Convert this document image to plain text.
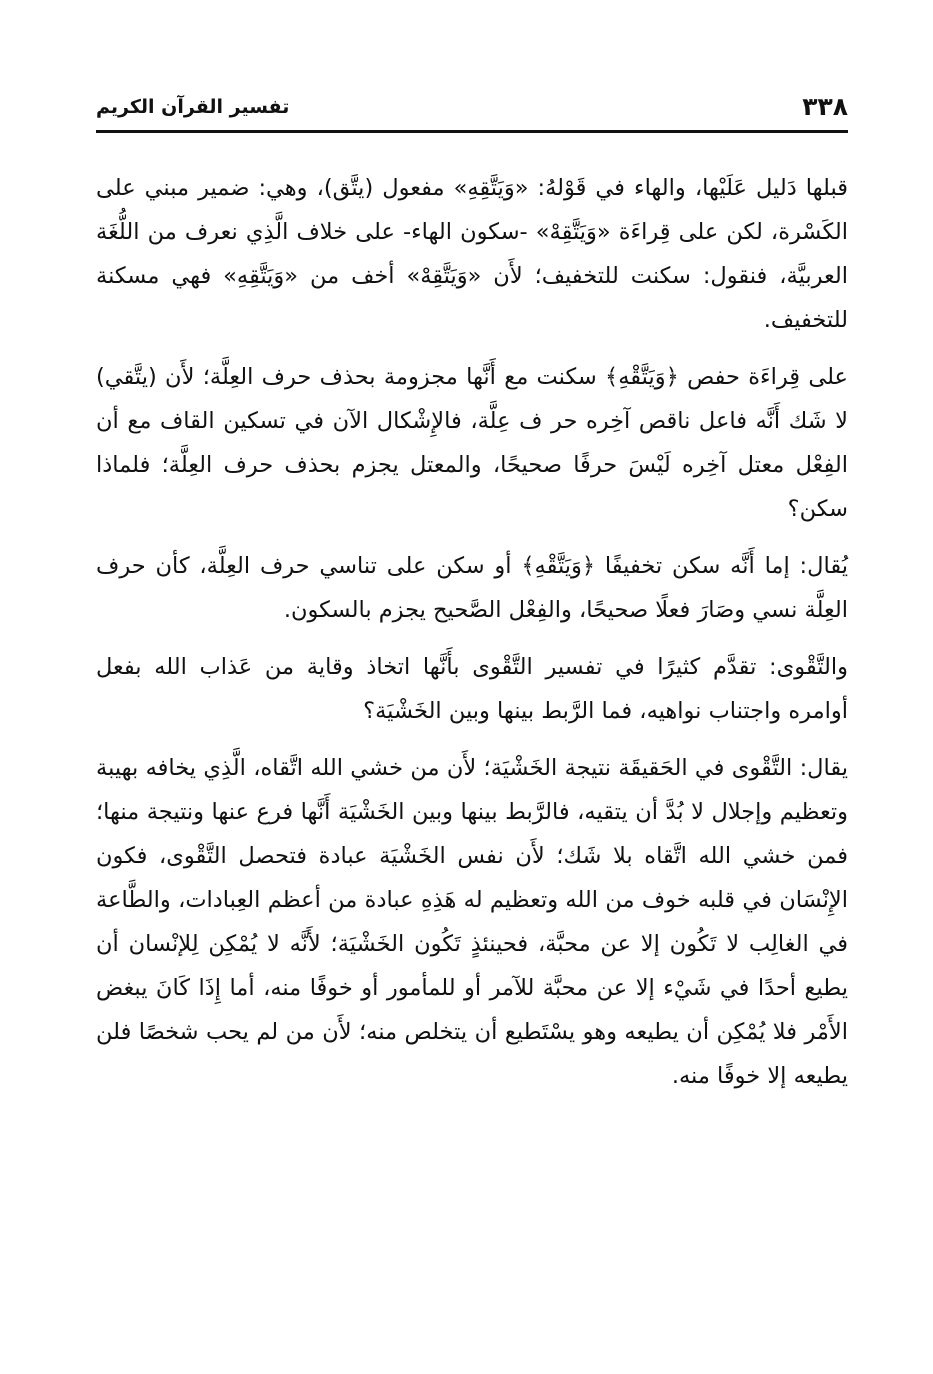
٣٣٨
تفسير القرآن الكريم

قبلها دَليل عَلَيْها، والهاء في قَوْلهُ: «وَيَتَّقِهِ» مفعول (يتَّق)، وهي: ضمير مبني على الكَسْرة، لكن على قِراءَة «وَيَتَّقِهْ» -سكون الهاء- على خلاف الَّذِي نعرف من اللُّغَة العربيَّة، فنقول: سكنت للتخفيف؛ لأَن «وَيَتَّقِهْ» أخف من «وَيَتَّقِهِ» فهي مسكنة للتخفيف.

على قِراءَة حفص ﴿وَيَتَّقْهِ﴾ سكنت مع أَنَّها مجزومة بحذف حرف العِلَّة؛ لأَن (يتَّقي) لا شَك أَنَّه فاعل ناقص آخِره حر ف عِلَّة، فالإِشْكال الآن في تسكين القاف مع أن الفِعْل معتل آخِره لَيْسَ حرفًا صحيحًا، والمعتل يجزم بحذف حرف العِلَّة؛ فلماذا سكن؟

يُقال: إما أَنَّه سكن تخفيفًا ﴿وَيَتَّقْهِ﴾ أو سكن على تناسي حرف العِلَّة، كأن حرف العِلَّة نسي وصَارَ فعلًا صحيحًا، والفِعْل الصَّحيح يجزم بالسكون.

والتَّقْوى: تقدَّم كثيرًا في تفسير التَّقْوى بأَنَّها اتخاذ وقاية من عَذاب الله بفعل أوامره واجتناب نواهيه، فما الرَّبط بينها وبين الخَشْيَة؟

يقال: التَّقْوى في الحَقيقَة نتيجة الخَشْيَة؛ لأَن من خشي الله اتَّقاه، الَّذِي يخافه بهيبة وتعظيم وإجلال لا بُدَّ أن يتقيه، فالرَّبط بينها وبين الخَشْيَة أَنَّها فرع عنها ونتيجة منها؛ فمن خشي الله اتَّقاه بلا شَك؛ لأَن نفس الخَشْيَة عبادة فتحصل التَّقْوى، فكون الإِنْسَان في قلبه خوف من الله وتعظيم له هَذِهِ عبادة من أعظم العِبادات، والطَّاعة في الغالِب لا تَكُون إلا عن محبَّة، فحينئذٍ تَكُون الخَشْيَة؛ لأَنَّه لا يُمْكِن لِلإنْسان أن يطيع أحدًا في شَيْء إلا عن محبَّة للآمر أو للمأمور أو خوفًا منه، أما إِذَا كَانَ يبغض الأَمْر فلا يُمْكِن أن يطيعه وهو يسْتَطيع أن يتخلص منه؛ لأَن من لم يحب شخصًا فلن يطيعه إلا خوفًا منه.
